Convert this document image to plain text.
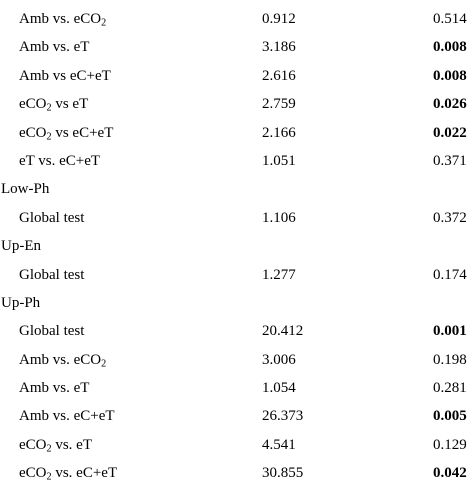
Amb vs. eCO$_2$	0.912	0.514
Amb vs. eT	3.186	0.008
Amb vs eC+eT	2.616	0.008
eCO$_2$ vs eT	2.759	0.026
eCO$_2$ vs eC+eT	2.166	0.022
eT vs. eC+eT	1.051	0.371
Low-Ph
Global test	1.106	0.372
Up-En
Global test	1.277	0.174
Up-Ph
Global test	20.412	0.001
Amb vs. eCO$_2$	3.006	0.198
Amb vs. eT	1.054	0.281
Amb vs. eC+eT	26.373	0.005
eCO$_2$ vs. eT	4.541	0.129
eCO$_2$ vs. eC+eT	30.855	0.042
